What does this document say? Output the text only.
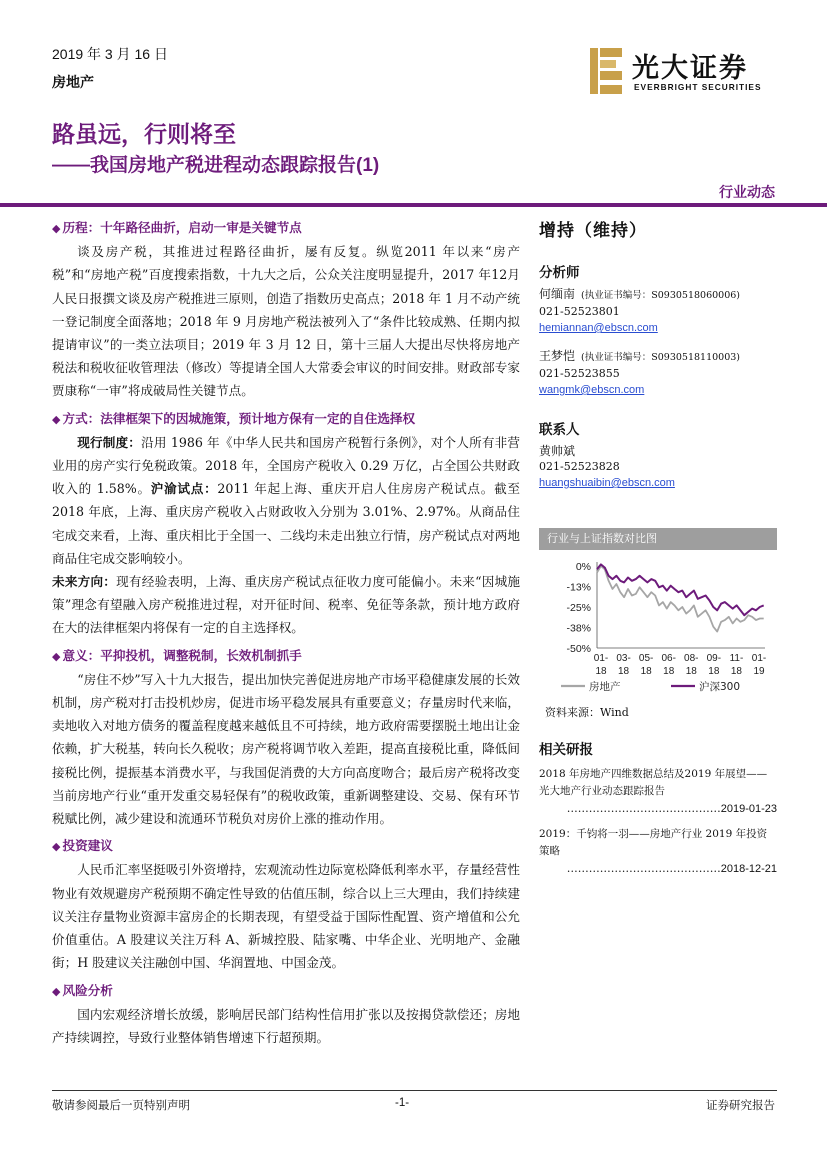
2019 年 3 月 16 日
房地产	光大证券
EVERBRIGHT SECURITIES
路虽远，行则将至
——我国房地产税进程动态跟踪报告(1)
行业动态
◆ 历程：十年路径曲折，启动一审是关键节点

谈及房产税，其推进过程路径曲折，屡有反复。纵览2011 年以来“房产税”和“房地产税”百度搜索指数，十九大之后，公众关注度明显提升，2017 年12月人民日报撰文谈及房产税推进三原则，创造了指数历史高点；2018 年 1 月不动产统一登记制度全面落地；2018 年 9 月房地产税法被列入了“条件比较成熟、任期内拟提请审议”的一类立法项目；2019 年 3 月 12 日，第十三届人大提出尽快将房地产税法和税收征收管理法（修改）等提请全国人大常委会审议的时间安排。财政部专家贾康称“一审”将成破局性关键节点。

◆ 方式：法律框架下的因城施策，预计地方保有一定的自住选择权

现行制度：沿用 1986 年《中华人民共和国房产税暂行条例》，对个人所有非营业用的房产实行免税政策。2018 年，全国房产税收入 0.29 万亿，占全国公共财政收入的 1.58%。沪渝试点：2011 年起上海、重庆开启人住房房产税试点。截至 2018 年底，上海、重庆房产税收入占财政收入分别为 3.01%、2.97%。从商品住宅成交来看，上海、重庆相比于全国一、二线均未走出独立行情，房产税试点对两地商品住宅成交影响较小。

未来方向：现有经验表明，上海、重庆房产税试点征收力度可能偏小。未来“因城施策”理念有望融入房产税推进过程，对开征时间、税率、免征等条款，预计地方政府在大的法律框架内将保有一定的自主选择权。

◆ 意义：平抑投机，调整税制，长效机制抓手

“房住不炒”写入十九大报告，提出加快完善促进房地产市场平稳健康发展的长效机制，房产税对打击投机炒房，促进市场平稳发展具有重要意义；存量房时代来临，卖地收入对地方债务的覆盖程度越来越低且不可持续，地方政府需要摆脱土地出让金依赖，扩大税基，转向长久税收；房产税将调节收入差距，提高直接税比重，降低间接税比例，提振基本消费水平，与我国促消费的大方向高度吻合；最后房产税将改变当前房地产行业“重开发重交易轻保有”的税收政策，重新调整建设、交易、保有环节税赋比例，减少建设和流通环节税负对房价上涨的推动作用。

◆ 投资建议

人民币汇率坚挺吸引外资增持，宏观流动性边际宽松降低利率水平，存量经营性物业有效规避房产税预期不确定性导致的估值压制，综合以上三大理由，我们持续建议关注存量物业资源丰富房企的长期表现，有望受益于国际性配置、资产增值和公允价值重估。A 股建议关注万科 A、新城控股、陆家嘴、中华企业、光明地产、金融街；H 股建议关注融创中国、华润置地、中国金茂。

◆ 风险分析

国内宏观经济增长放缓，影响居民部门结构性信用扩张以及按揭贷款偿还；房地产持续调控，导致行业整体销售增速下行超预期。

增持（维持）
分析师

何缅南 (执业证书编号：S0930518060006)

021-52523801

hemiannan@ebscn.com

王梦恺 (执业证书编号：S0930518110003)

021-52523855

wangmk@ebscn.com

联系人

黄帅斌

021-52523828

huangshuaibin@ebscn.com

行业与上证指数对比图
0%
-13%
-25%
-38%
-50%
01-18
03-18
05-18
06-18
08-18
09-18
11-18
01-19
房地产	沪深300
资料来源：Wind
相关研报
2018 年房地产四维数据总结及2019 年展望——光大地产行业动态跟踪报告
……………………………………2019-01-23
2019：千钧将一羽——房地产行业 2019 年投资策略
……………………………………2018-12-21
敬请参阅最后一页特别声明	-1-	证券研究报告
